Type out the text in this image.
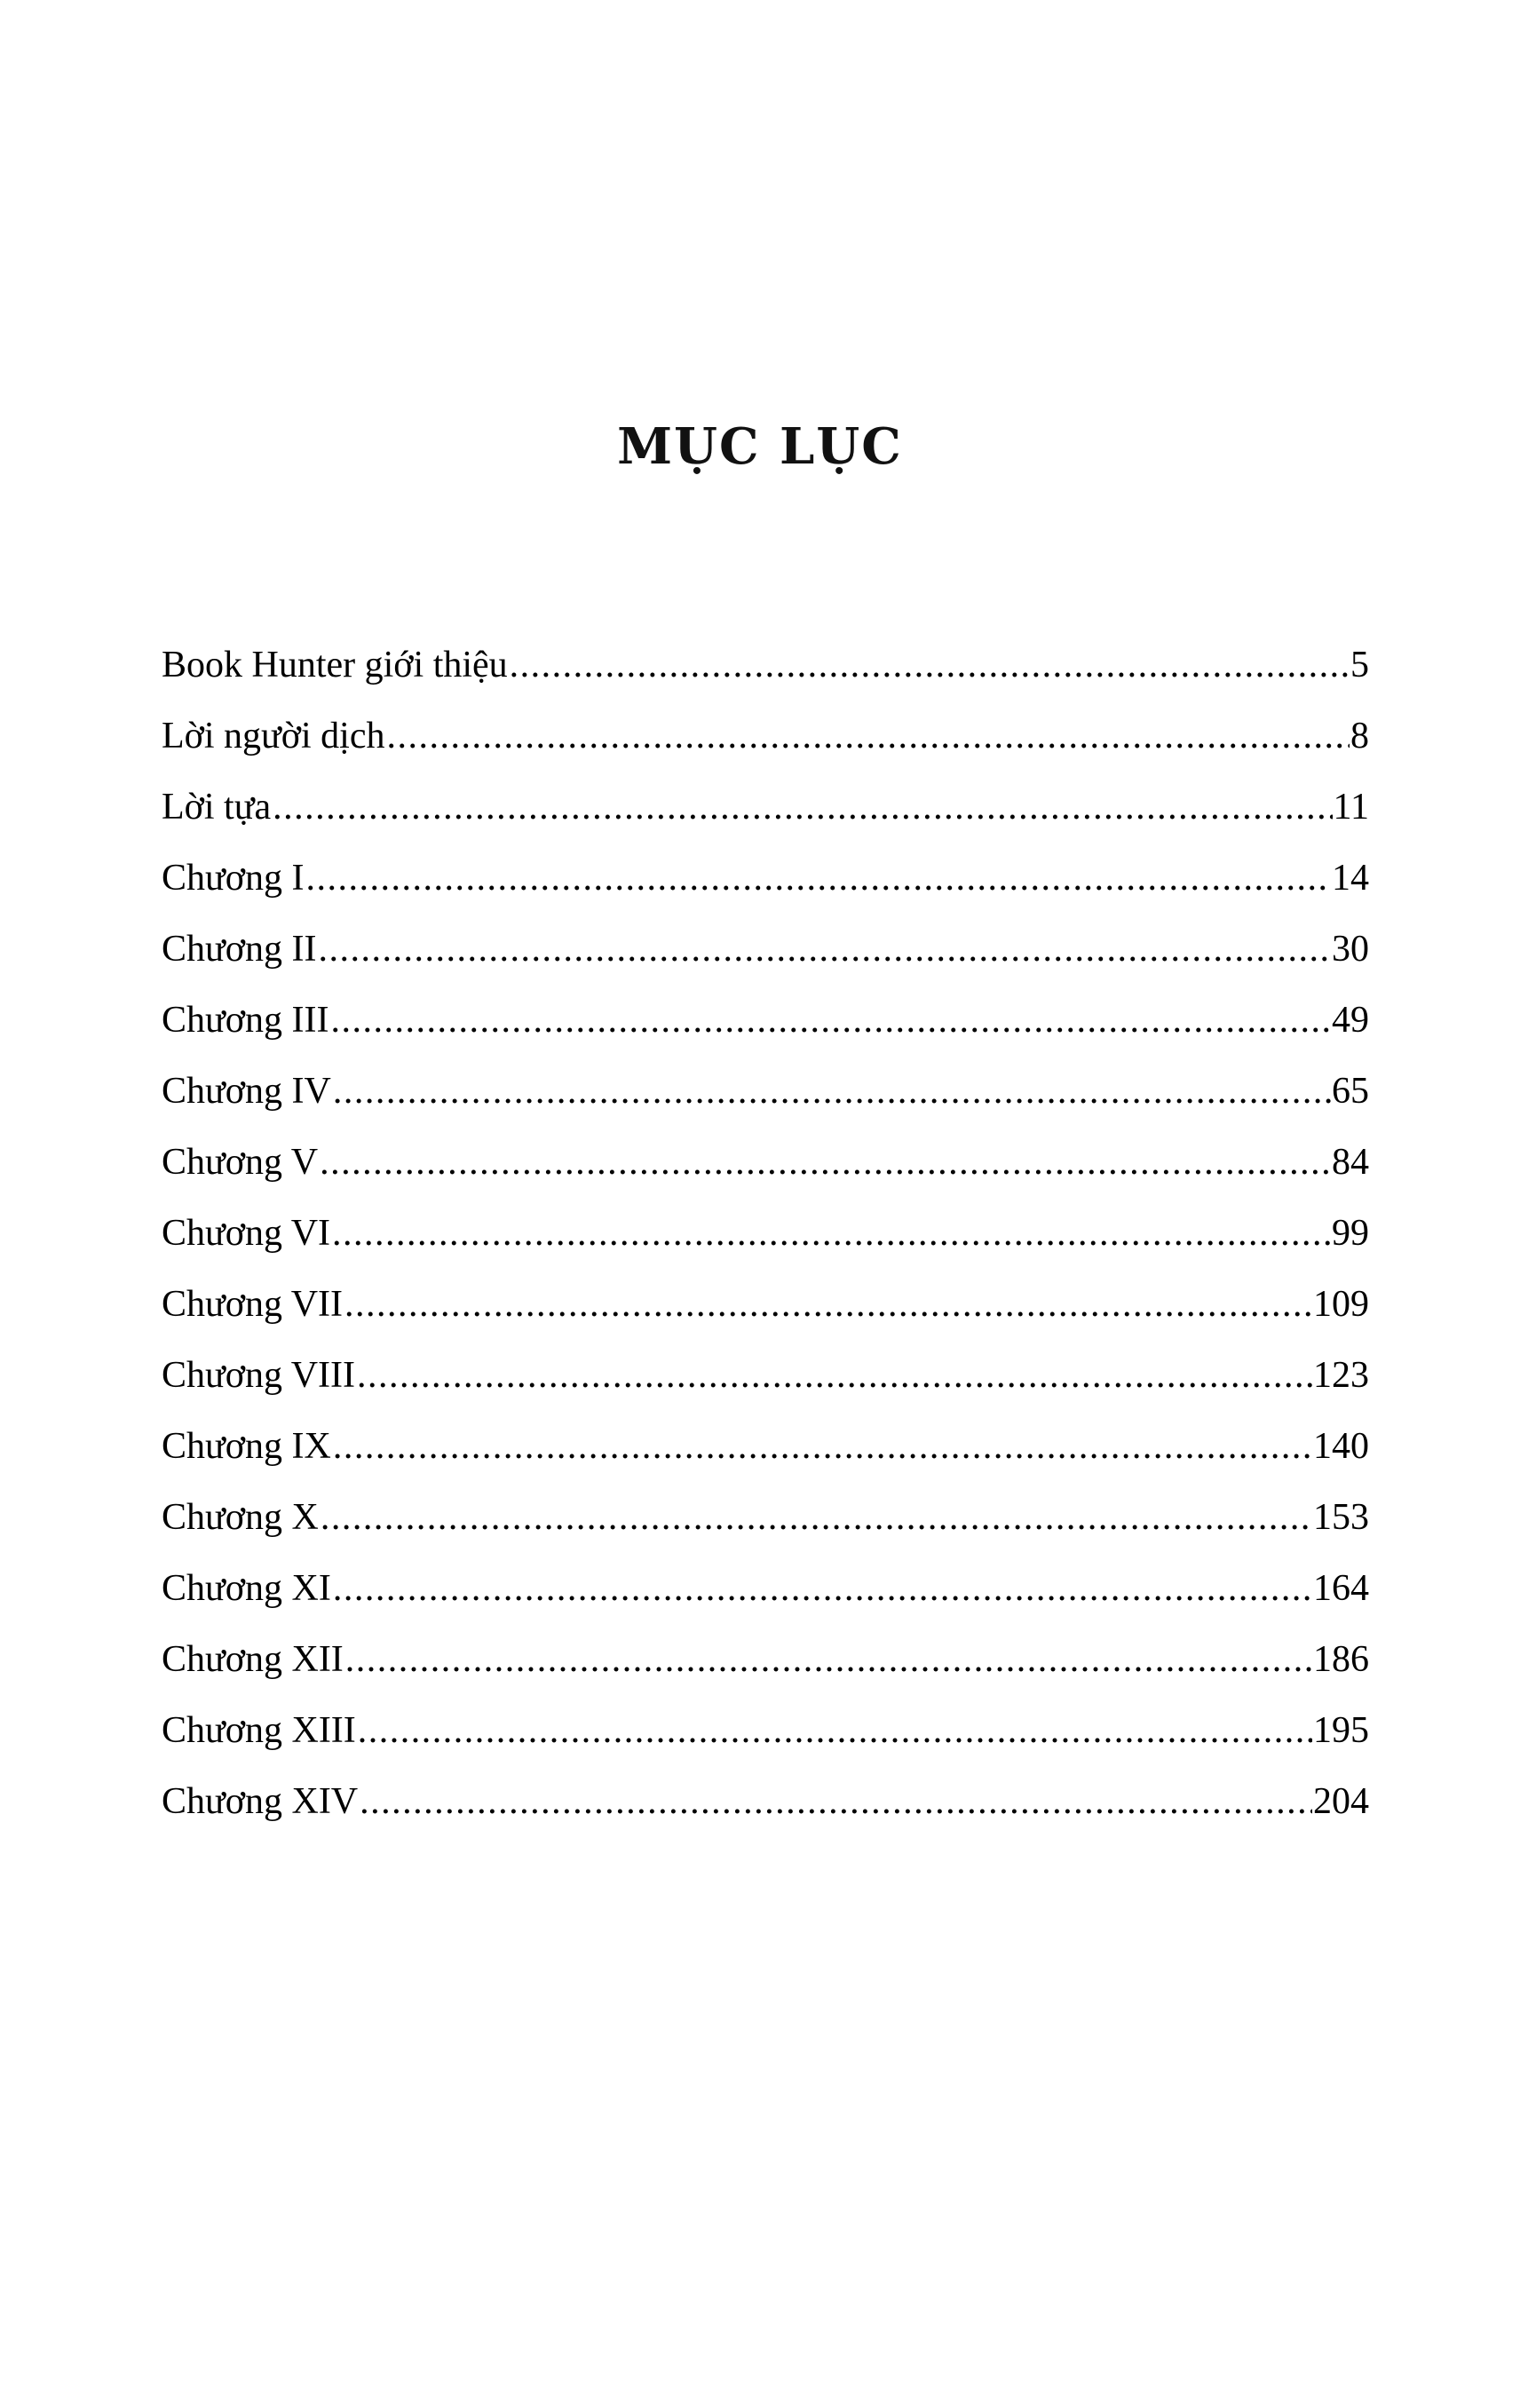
MỤC LỤC
Book Hunter giới thiệu .....	5
Lời người dịch .....	8
Lời tựa .....	11
Chương I .....	14
Chương II .....	30
Chương III .....	49
Chương IV .....	65
Chương V .....	84
Chương VI .....	99
Chương VII .....	109
Chương VIII .....	123
Chương IX .....	140
Chương X .....	153
Chương XI .....	164
Chương XII .....	186
Chương XIII .....	195
Chương XIV .....	204
